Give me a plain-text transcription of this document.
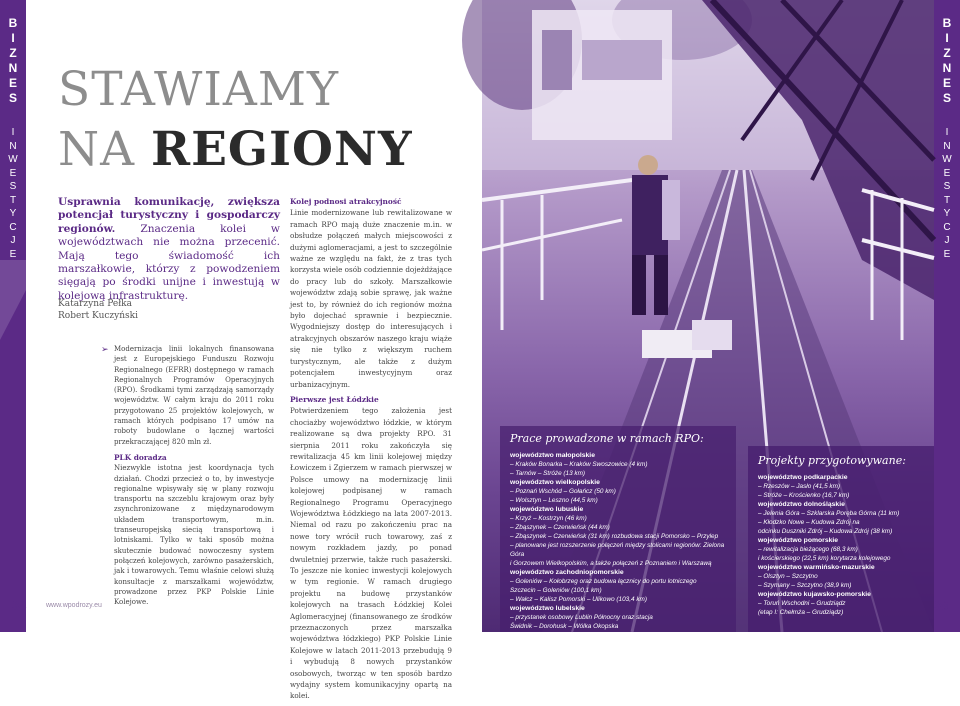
B
I
Z
N
E
S
I
N
W
E
S
T
Y
C
J
E
B
I
Z
N
E
S
I
N
W
E
S
T
Y
C
J
E
STAWIAMY
NA REGIONY
Usprawnia komunikację, zwiększa potencjał turystyczny i gospodarczy regionów. Znaczenia kolei w województwach nie można przecenić. Mają tego świadomość ich marszałkowie, którzy z powodzeniem sięgają po środki unijne i inwestują w kolejową infrastrukturę.
Katarzyna Pełka
Robert Kuczyński
➢ Modernizacja linii lokalnych finansowana jest z Europejskiego Funduszu Rozwoju Regionalnego (EFRR) dostępnego w ramach Regionalnych Programów Operacyjnych (RPO). Środkami tymi zarządzają samorządy województw. W całym kraju do 2011 roku przygotowano 25 projektów kolejowych, w ramach których podpisano 17 umów na roboty budowlane o łącznej wartości przekraczającej 820 mln zł.

PLK doradza

Niezwykle istotna jest koordynacja tych działań. Chodzi przecież o to, by inwestycje regionalne wpisywały się w plany rozwoju transportu na szczeblu krajowym oraz były zsynchronizowane z międzynarodowym układem transportowym, m.in. transeuropejską siecią transportową i lotniskami. Tylko w taki sposób można skutecznie budować nowoczesny system połączeń kolejowych, zarówno pasażerskich, jak i towarowych. Temu właśnie celowi służą konsultacje z marszałkami województw, prowadzone przez PKP Polskie Linie Kolejowe.

Kolej podnosi atrakcyjność

Linie modernizowane lub rewitalizowane w ramach RPO mają duże znaczenie m.in. w obsłudze połączeń małych miejscowości z dużymi aglomeracjami, a jest to szczególnie ważne ze względu na fakt, że z tras tych korzysta wiele osób codziennie dojeżdżające do pracy lub do szkoły. Marszałkowie województw zdają sobie sprawę, jak ważne jest to, by również do ich regionów można było dojechać sprawnie i bezpiecznie. Wygodniejszy dostęp do interesujących i atrakcyjnych obszarów naszego kraju wiąże się nie tylko z większym ruchem turystycznym, ale także z dużym potencjałem inwestycyjnym oraz urbanizacyjnym.

Pierwsze jest Łódzkie

Potwierdzeniem tego założenia jest chociażby województwo łódzkie, w którym realizowane są dwa projekty RPO. 31 sierpnia 2011 roku zakończyła się rewitalizacja 45 km linii kolejowej między Łowiczem i Zgierzem w ramach pierwszej w Polsce umowy na modernizację linii kolejowej podpisanej w ramach Regionalnego Programu Operacyjnego Województwa Łódzkiego na lata 2007-2013. Niemal od razu po zakończeniu prac na nowe tory wrócił ruch towarowy, zaś z nowym rozkładem jazdy, po ponad dwuletniej przerwie, także ruch pasażerski. To jeszcze nie koniec inwestycji kolejowych w tym regionie. W ramach drugiego projektu na budowę przystanków kolejowych na trasach Łódzkiej Kolei Aglomeracyjnej (finansowanego ze środków przeznaczonych przez marszałka województwa łódzkiego) PKP Polskie Linie Kolejowe w latach 2011-2013 przebudują 9 i wybudują 8 nowych przystanków osobowych, tworząc w ten sposób bardzo wydajny system komunikacyjny opartą na kolei.

Prace prowadzone w ramach RPO:
województwo małopolskie
– Kraków Bonarka – Kraków Swoszowice (4 km)
– Tarnów – Stróże (13 km)
województwo wielkopolskie
– Poznań Wschód – Gołańcz (50 km)
– Wolsztyn – Leszno (44,5 km)
województwo lubuskie
– Krzyż – Kostrzyn (46 km)
– Zbąszynek – Czerwieńsk (44 km)
– Zbąszynek – Czerwieńsk (31 km) rozbudowa stacji Pomorsko – Przylep
– planowane jest rozszerzenie połączeń między stolicami regionów: Zielona Góra
i Gorzowem Wielkopolskim, a także połączeń z Poznaniem i Warszawą
województwo zachodniopomorskie
– Goleniów – Kołobrzeg oraz budowa łącznicy do portu lotniczego
Szczecin – Goleniów (100,1 km)
– Wałcz – Kalisz Pomorski – Ulikowo (103,4 km)
województwo lubelskie
– przystanek osobowy Lublin Północny oraz stacja
Świdnik – Dorohusk – Wólka Okopska
Projekty przygotowywane:
województwo podkarpackie
– Rzeszów – Jasło (41,5 km)
– Stróże – Krościenko (16,7 km)
województwo dolnośląskie
– Jelenia Góra – Szklarska Poręba Górna (11 km)
– Kłodzko Nowe – Kudowa Zdrój na
odcinku Duszniki Zdrój – Kudowa Zdrój (38 km)
województwo pomorskie
– rewitalizacja bieżącego (68,3 km)
i kościerskiego (22,5 km) korytarza kolejowego
województwo warmińsko-mazurskie
– Olsztyn – Szczytno
– Szymany – Szczytno (38,9 km)
województwo kujawsko-pomorskie
– Toruń Wschodni – Grudziądz
(etap I: Chełmża – Grudziądz)
38	39
www.wpodrozy.eu
